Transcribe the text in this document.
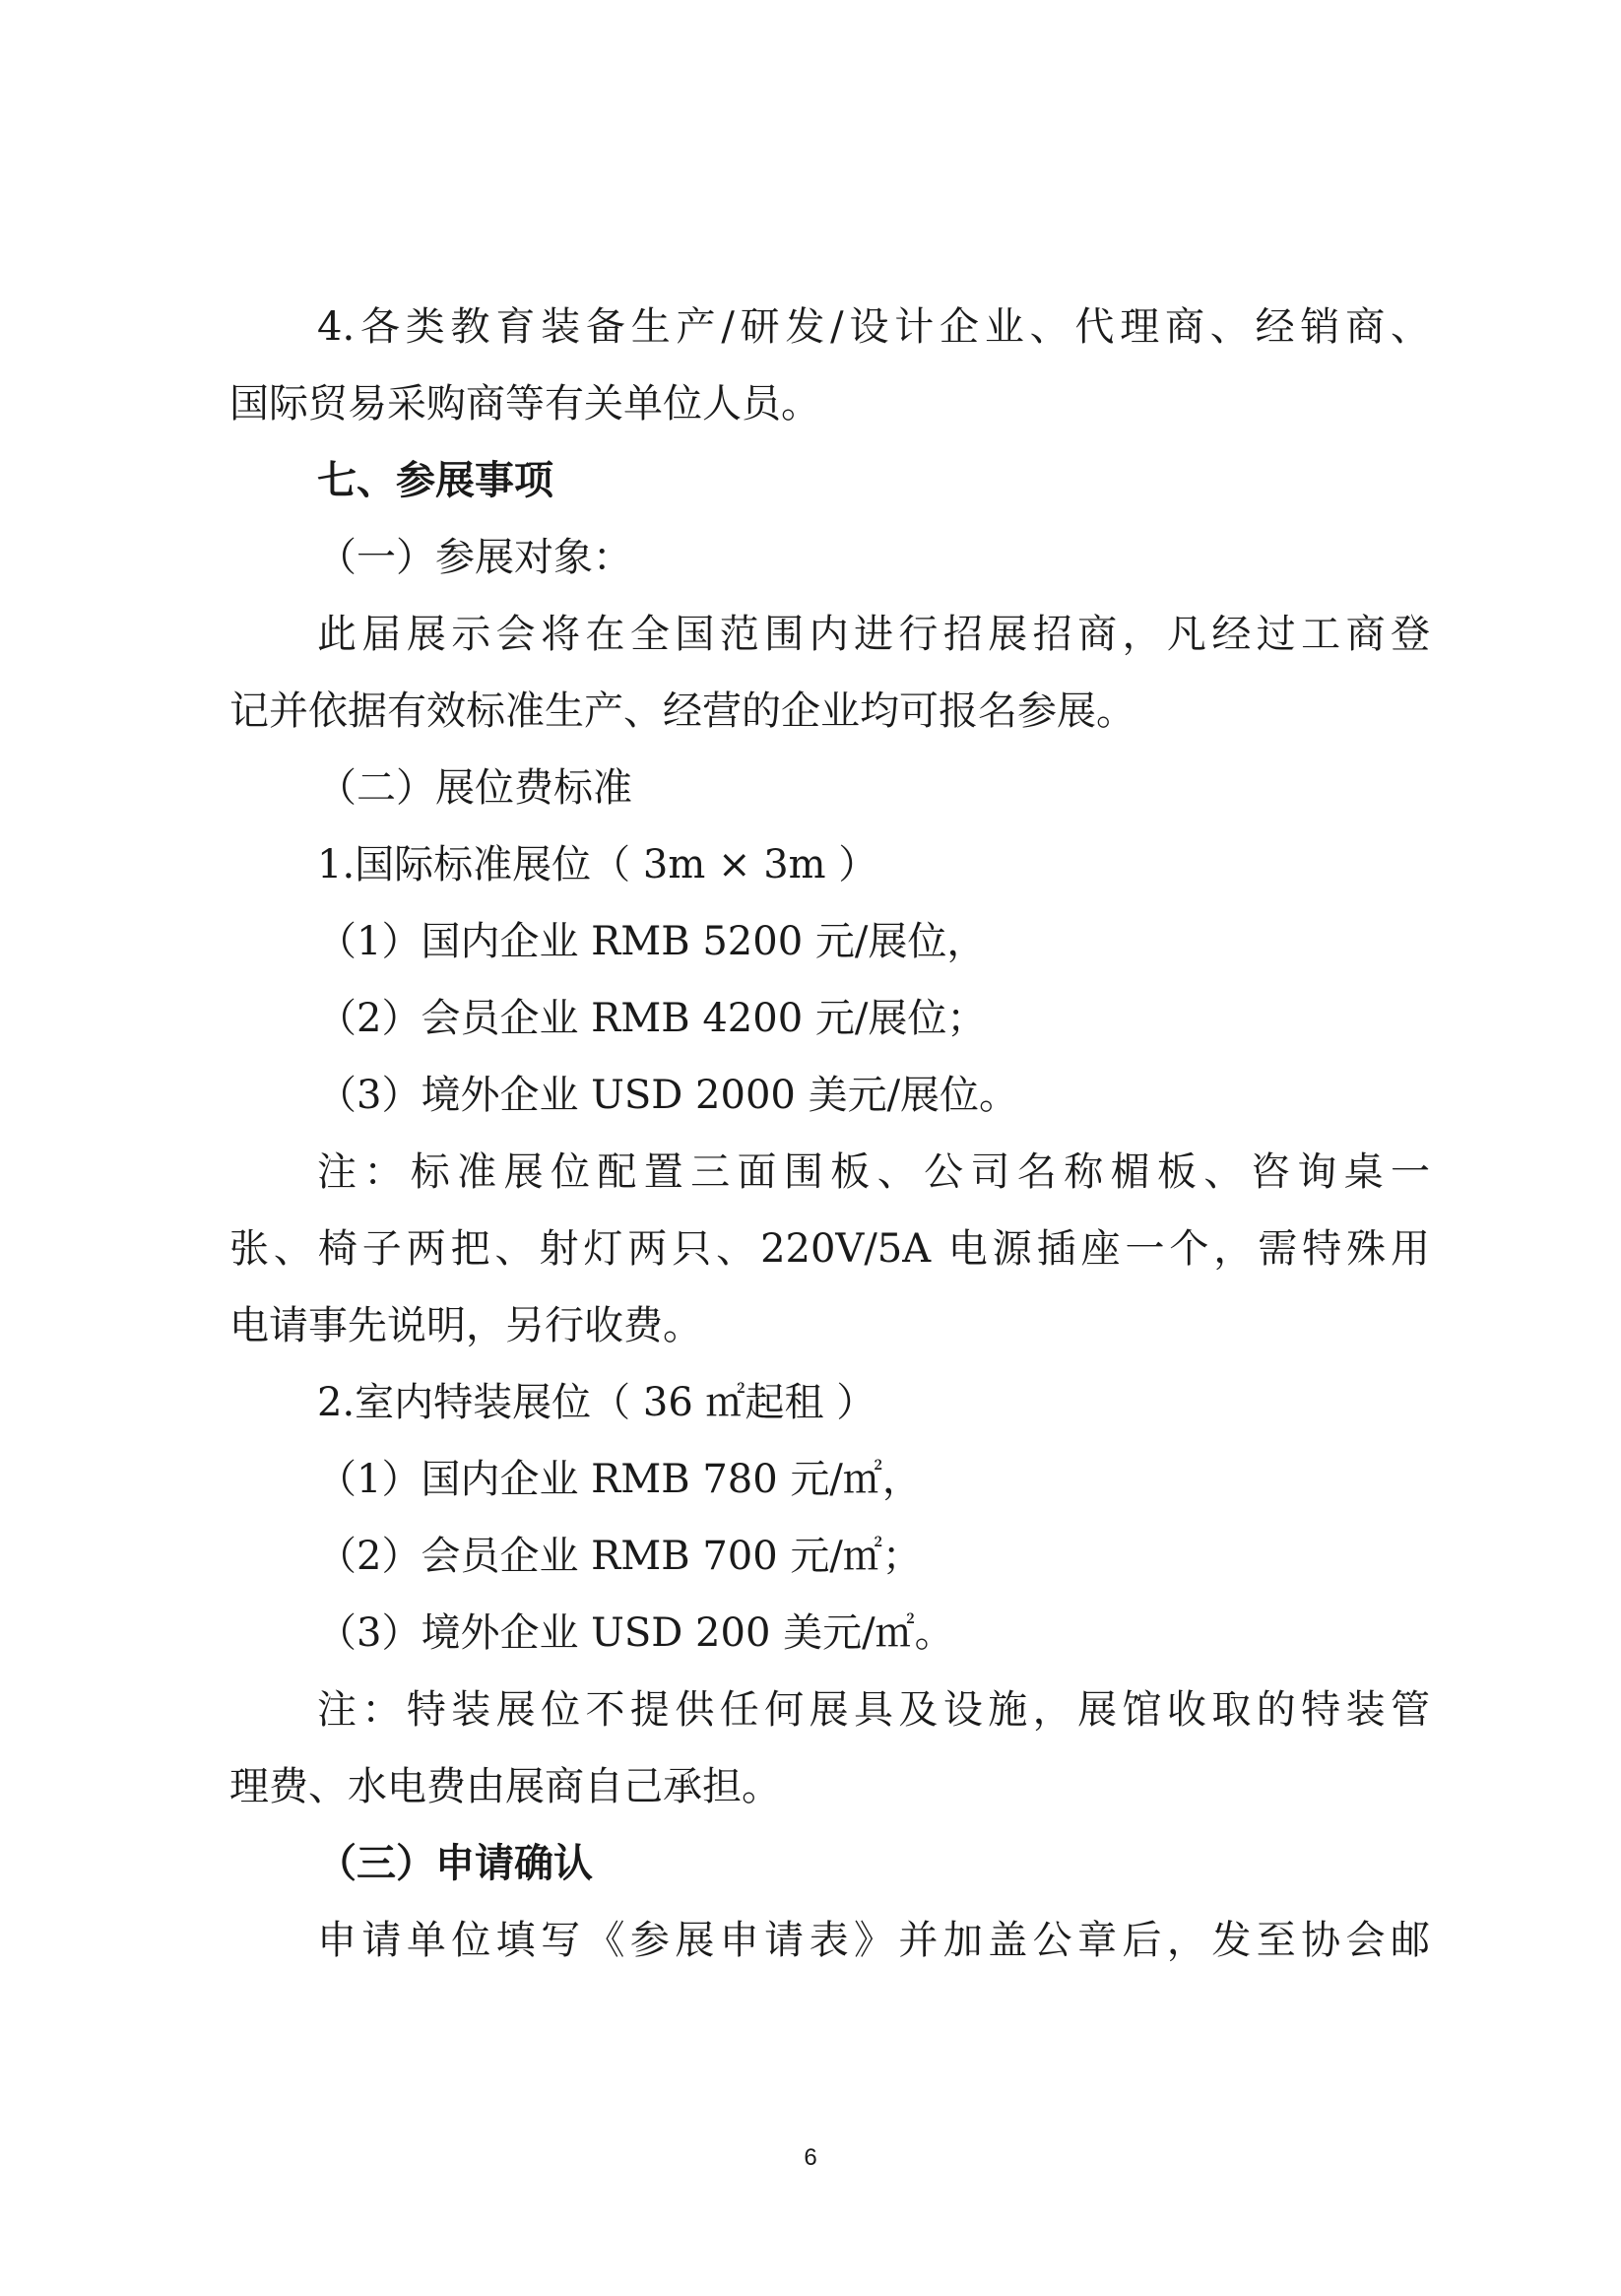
4.各类教育装备生产/研发/设计企业、代理商、经销商、
国际贸易采购商等有关单位人员。
七、参展事项
（一）参展对象：
此届展示会将在全国范围内进行招展招商，凡经过工商登
记并依据有效标准生产、经营的企业均可报名参展。
（二）展位费标准
1.国际标准展位（ 3m × 3m ）
（1）国内企业 RMB 5200 元/展位，
（2）会员企业 RMB 4200 元/展位；
（3）境外企业 USD 2000 美元/展位。
注：标准展位配置三面围板、公司名称楣板、咨询桌一
张、椅子两把、射灯两只、220V/5A 电源插座一个，需特殊用
电请事先说明，另行收费。
2.室内特装展位（ 36 ㎡起租 ）
（1）国内企业 RMB 780 元/㎡，
（2）会员企业 RMB 700 元/㎡；
（3）境外企业 USD 200 美元/㎡。
注：特装展位不提供任何展具及设施，展馆收取的特装管
理费、水电费由展商自己承担。
（三）申请确认
申请单位填写《参展申请表》并加盖公章后，发至协会邮
6
